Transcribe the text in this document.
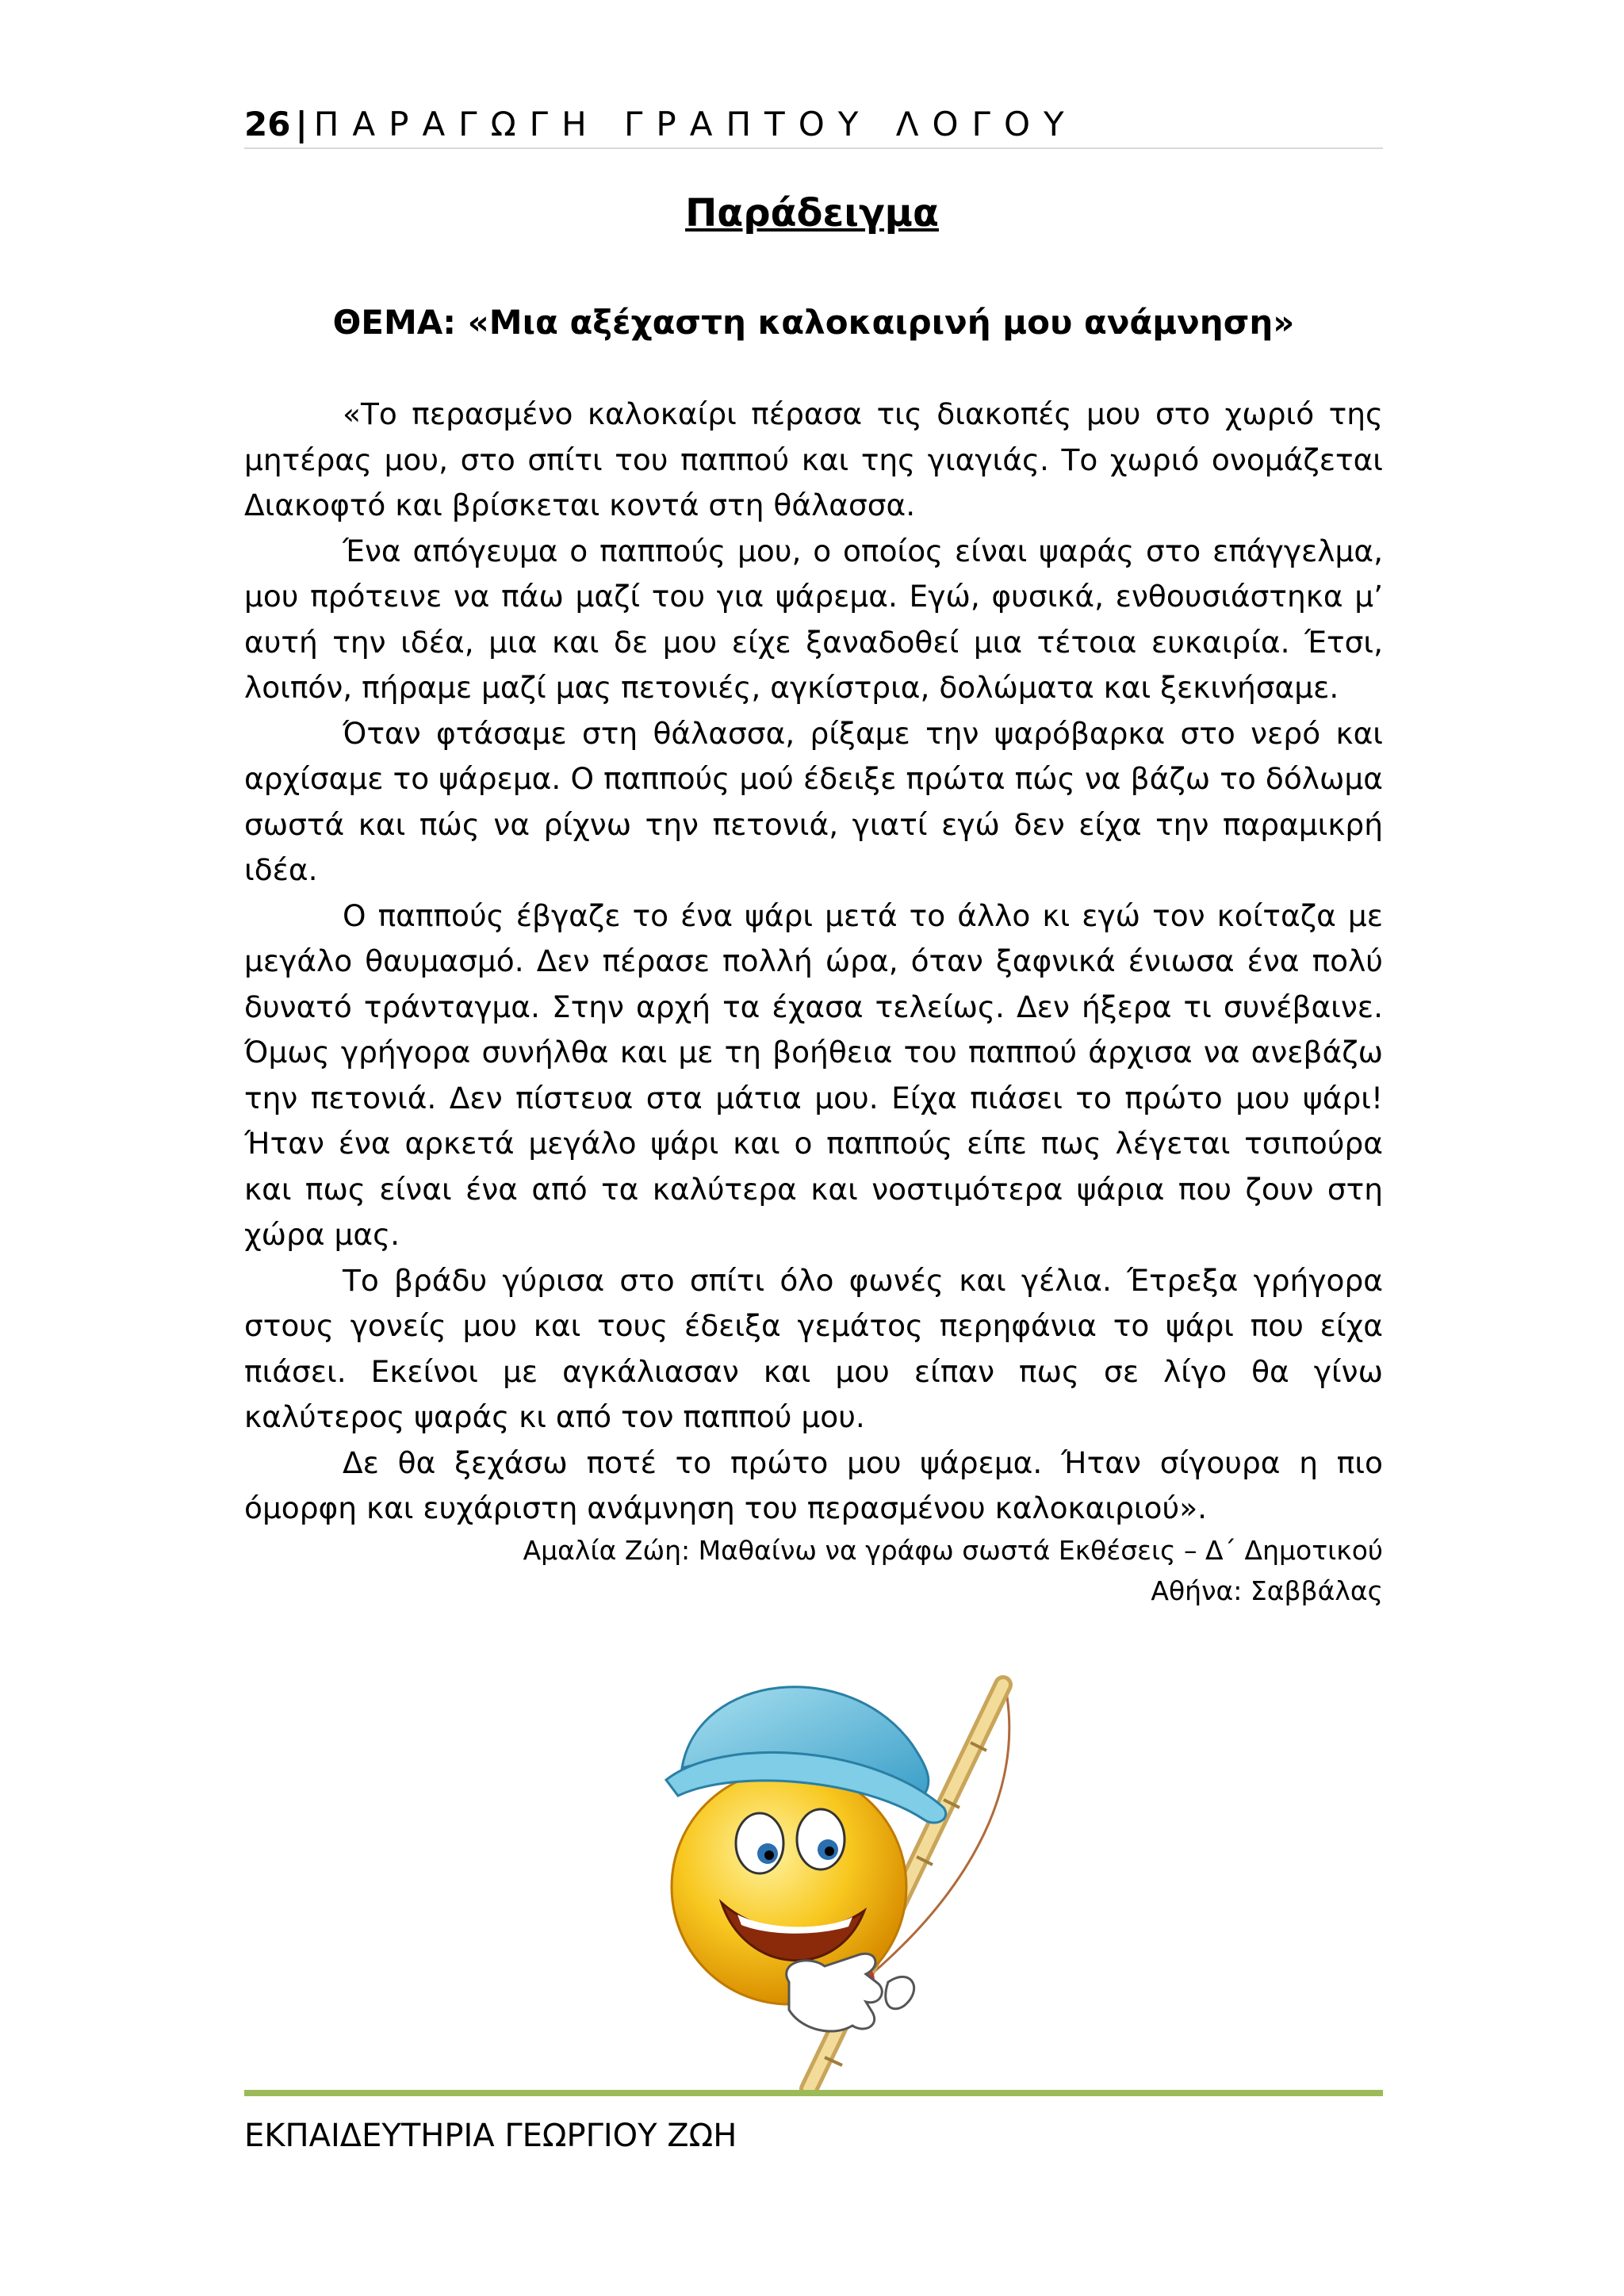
26 | ΠΑΡΑΓΩΓΗ ΓΡΑΠΤΟΥ ΛΟΓΟΥ
Παράδειγμα
ΘΕΜΑ: «Μια αξέχαστη καλοκαιρινή μου ανάμνηση»

«Το περασμένο καλοκαίρι πέρασα τις διακοπές μου στο χωριό της μητέρας μου, στο σπίτι του παππού και της γιαγιάς. Το χωριό ονομάζεται Διακοφτό και βρίσκεται κοντά στη θάλασσα.

Ένα απόγευμα ο παππούς μου, ο οποίος είναι ψαράς στο επάγγελμα, μου πρότεινε να πάω μαζί του για ψάρεμα. Εγώ, φυσικά, ενθουσιάστηκα μ’ αυτή την ιδέα, μια και δε μου είχε ξαναδοθεί μια τέτοια ευκαιρία. Έτσι, λοιπόν, πήραμε μαζί μας πετονιές, αγκίστρια, δολώματα και ξεκινήσαμε.

Όταν φτάσαμε στη θάλασσα, ρίξαμε την ψαρόβαρκα στο νερό και αρχίσαμε το ψάρεμα. Ο παππούς μού έδειξε πρώτα πώς να βάζω το δόλωμα σωστά και πώς να ρίχνω την πετονιά, γιατί εγώ δεν είχα την παραμικρή ιδέα.

Ο παππούς έβγαζε το ένα ψάρι μετά το άλλο κι εγώ τον κοίταζα με μεγάλο θαυμασμό. Δεν πέρασε πολλή ώρα, όταν ξαφνικά ένιωσα ένα πολύ δυνατό τράνταγμα. Στην αρχή τα έχασα τελείως. Δεν ήξερα τι συνέβαινε. Όμως γρήγορα συνήλθα και με τη βοήθεια του παππού άρχισα να ανεβάζω την πετονιά. Δεν πίστευα στα μάτια μου. Είχα πιάσει το πρώτο μου ψάρι! Ήταν ένα αρκετά μεγάλο ψάρι και ο παππούς είπε πως λέγεται τσιπούρα και πως είναι ένα από τα καλύτερα και νοστιμότερα ψάρια που ζουν στη χώρα μας.

Το βράδυ γύρισα στο σπίτι όλο φωνές και γέλια. Έτρεξα γρήγορα στους γονείς μου και τους έδειξα γεμάτος περηφάνια το ψάρι που είχα πιάσει. Εκείνοι με αγκάλιασαν και μου είπαν πως σε λίγο θα γίνω καλύτερος ψαράς κι από τον παππού μου.

Δε θα ξεχάσω ποτέ το πρώτο μου ψάρεμα. Ήταν σίγουρα η πιο όμορφη και ευχάριστη ανάμνηση του περασμένου καλοκαιριού».

Αμαλία Ζώη: Μαθαίνω να γράφω σωστά Εκθέσεις – Δ΄ Δημοτικού
Αθήνα: Σαββάλας
ΕΚΠΑΙΔΕΥΤΗΡΙΑ ΓΕΩΡΓΙΟΥ ΖΩΗ
